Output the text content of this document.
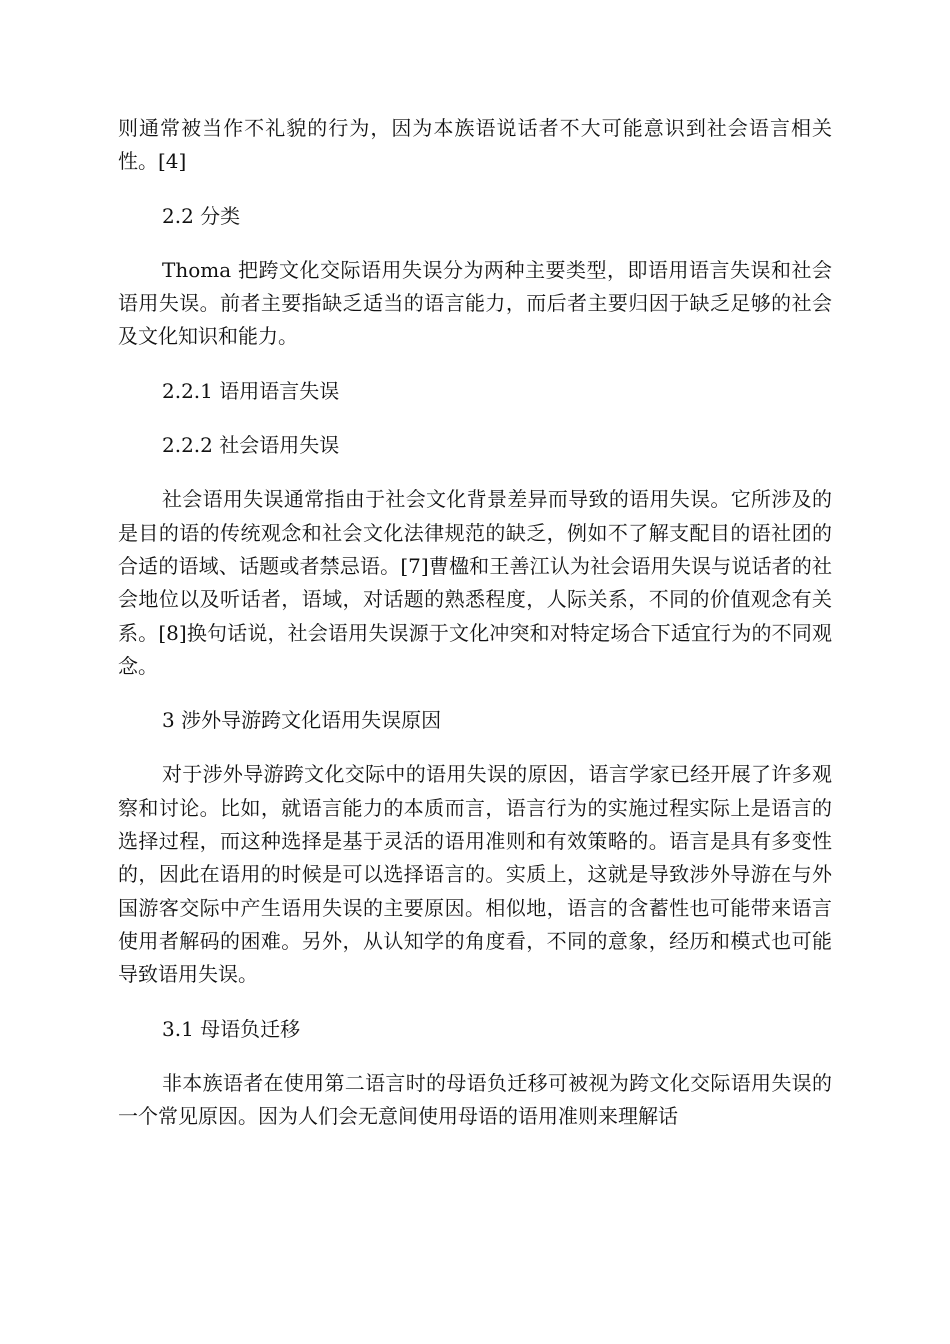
则通常被当作不礼貌的行为，因为本族语说话者不大可能意识到社会语言相关性。[4]

2.2 分类

Thoma 把跨文化交际语用失误分为两种主要类型，即语用语言失误和社会语用失误。前者主要指缺乏适当的语言能力，而后者主要归因于缺乏足够的社会及文化知识和能力。

2.2.1 语用语言失误

2.2.2 社会语用失误

社会语用失误通常指由于社会文化背景差异而导致的语用失误。它所涉及的是目的语的传统观念和社会文化法律规范的缺乏，例如不了解支配目的语社团的合适的语域、话题或者禁忌语。[7]曹楹和王善江认为社会语用失误与说话者的社会地位以及听话者，语域，对话题的熟悉程度，人际关系，不同的价值观念有关系。[8]换句话说，社会语用失误源于文化冲突和对特定场合下适宜行为的不同观念。

3 涉外导游跨文化语用失误原因

对于涉外导游跨文化交际中的语用失误的原因，语言学家已经开展了许多观察和讨论。比如，就语言能力的本质而言，语言行为的实施过程实际上是语言的选择过程，而这种选择是基于灵活的语用准则和有效策略的。语言是具有多变性的，因此在语用的时候是可以选择语言的。实质上，这就是导致涉外导游在与外国游客交际中产生语用失误的主要原因。相似地，语言的含蓄性也可能带来语言使用者解码的困难。另外，从认知学的角度看，不同的意象，经历和模式也可能导致语用失误。

3.1 母语负迁移

非本族语者在使用第二语言时的母语负迁移可被视为跨文化交际语用失误的一个常见原因。因为人们会无意间使用母语的语用准则来理解话
